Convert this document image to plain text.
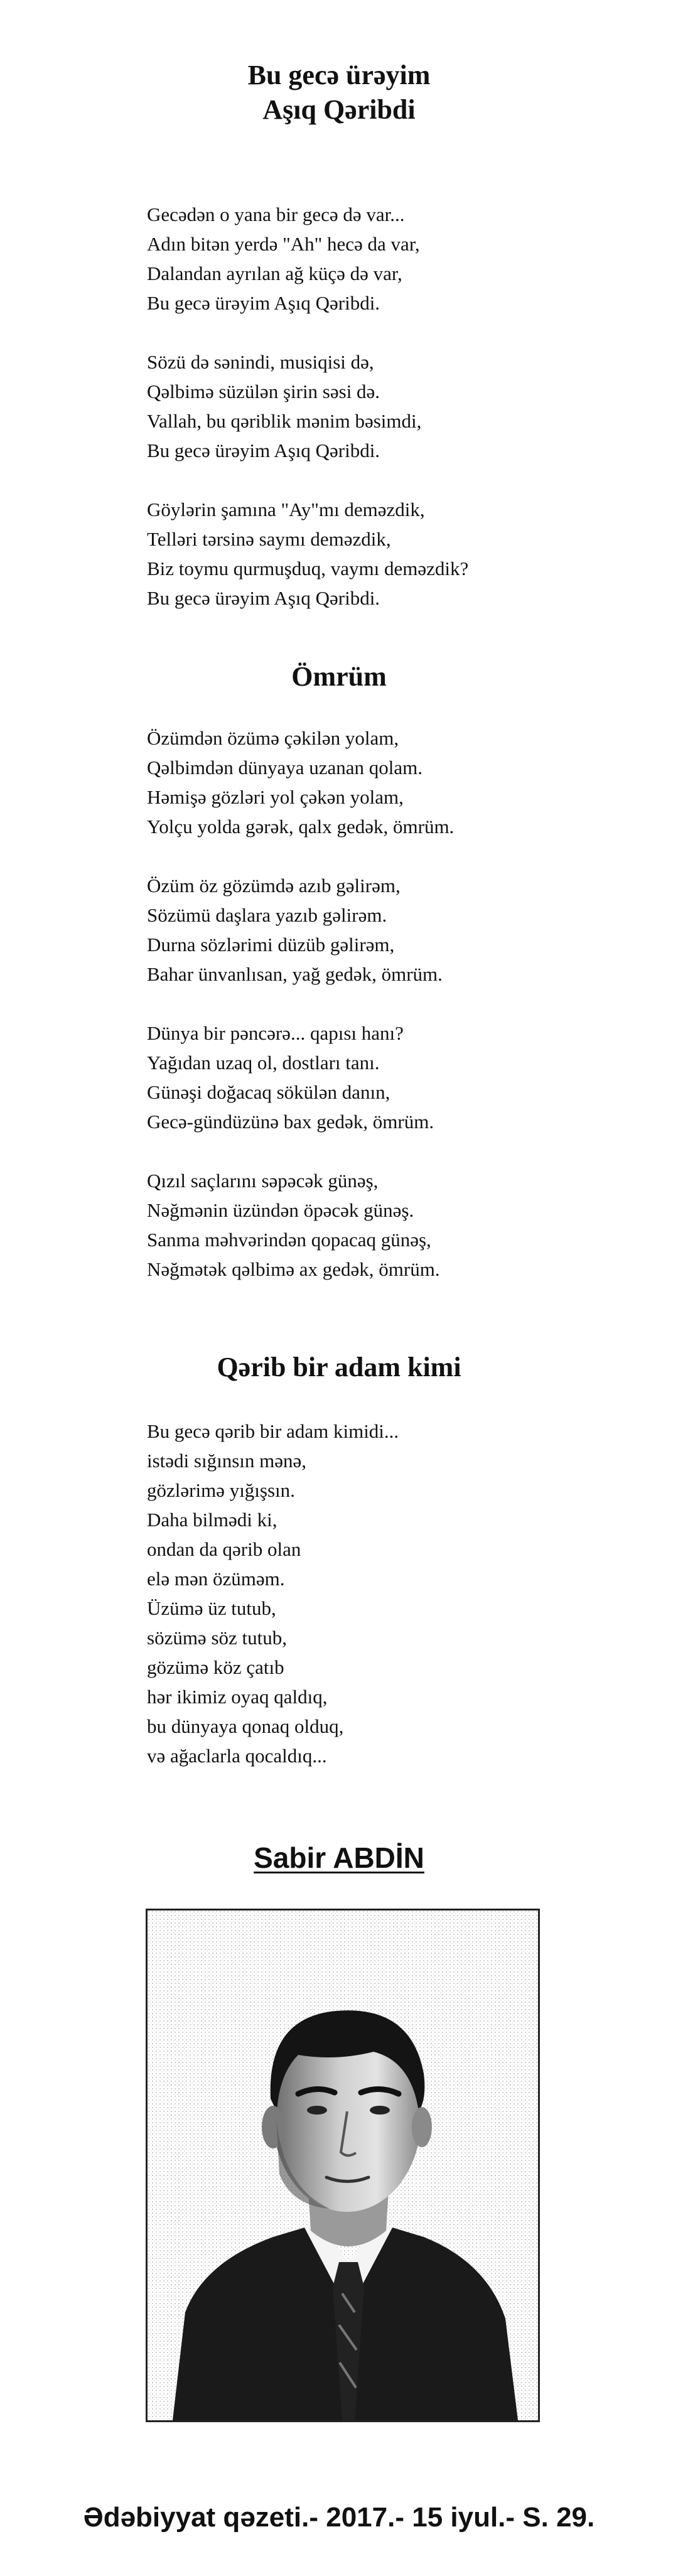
Bu gecə ürəyim
Aşıq Qəribdi

Gecədən o yana bir gecə də var...
Adın bitən yerdə "Ah" hecə da var,
Dalandan ayrılan ağ küçə də var,
Bu gecə ürəyim Aşıq Qəribdi.

Sözü də sənindi, musiqisi də,
Qəlbimə süzülən şirin səsi də.
Vallah, bu qəriblik mənim bəsimdi,
Bu gecə ürəyim Aşıq Qəribdi.

Göylərin şamına "Ay"mı deməzdik,
Telləri tərsinə saymı deməzdik,
Biz toymu qurmuşduq, vaymı deməzdik?
Bu gecə ürəyim Aşıq Qəribdi.

Ömrüm

Özümdən özümə çəkilən yolam,
Qəlbimdən dünyaya uzanan qolam.
Həmişə gözləri yol çəkən yolam,
Yolçu yolda gərək, qalx gedək, ömrüm.

Özüm öz gözümdə azıb gəlirəm,
Sözümü daşlara yazıb gəlirəm.
Durna sözlərimi düzüb gəlirəm,
Bahar ünvanlısan, yağ gedək, ömrüm.

Dünya bir pəncərə... qapısı hanı?
Yağıdan uzaq ol, dostları tanı.
Günəşi doğacaq sökülən danın,
Gecə-gündüzünə bax gedək, ömrüm.

Qızıl saçlarını səpəcək günəş,
Nəğmənin üzündən öpəcək günəş.
Sanma məhvərindən qopacaq günəş,
Nəğmətək qəlbimə ax gedək, ömrüm.

Qərib bir adam kimi

Bu gecə qərib bir adam kimidi...
istədi sığınsın mənə,
gözlərimə yığışsın.
Daha bilmədi ki,
ondan da qərib olan
elə mən özüməm.
Üzümə üz tutub,
sözümə söz tutub,
gözümə köz çatıb
hər ikimiz oyaq qaldıq,
bu dünyaya qonaq olduq,
və ağaclarla qocaldıq...

Sabir ABDİN

Ədəbiyyat qəzeti.- 2017.- 15 iyul.- S. 29.
